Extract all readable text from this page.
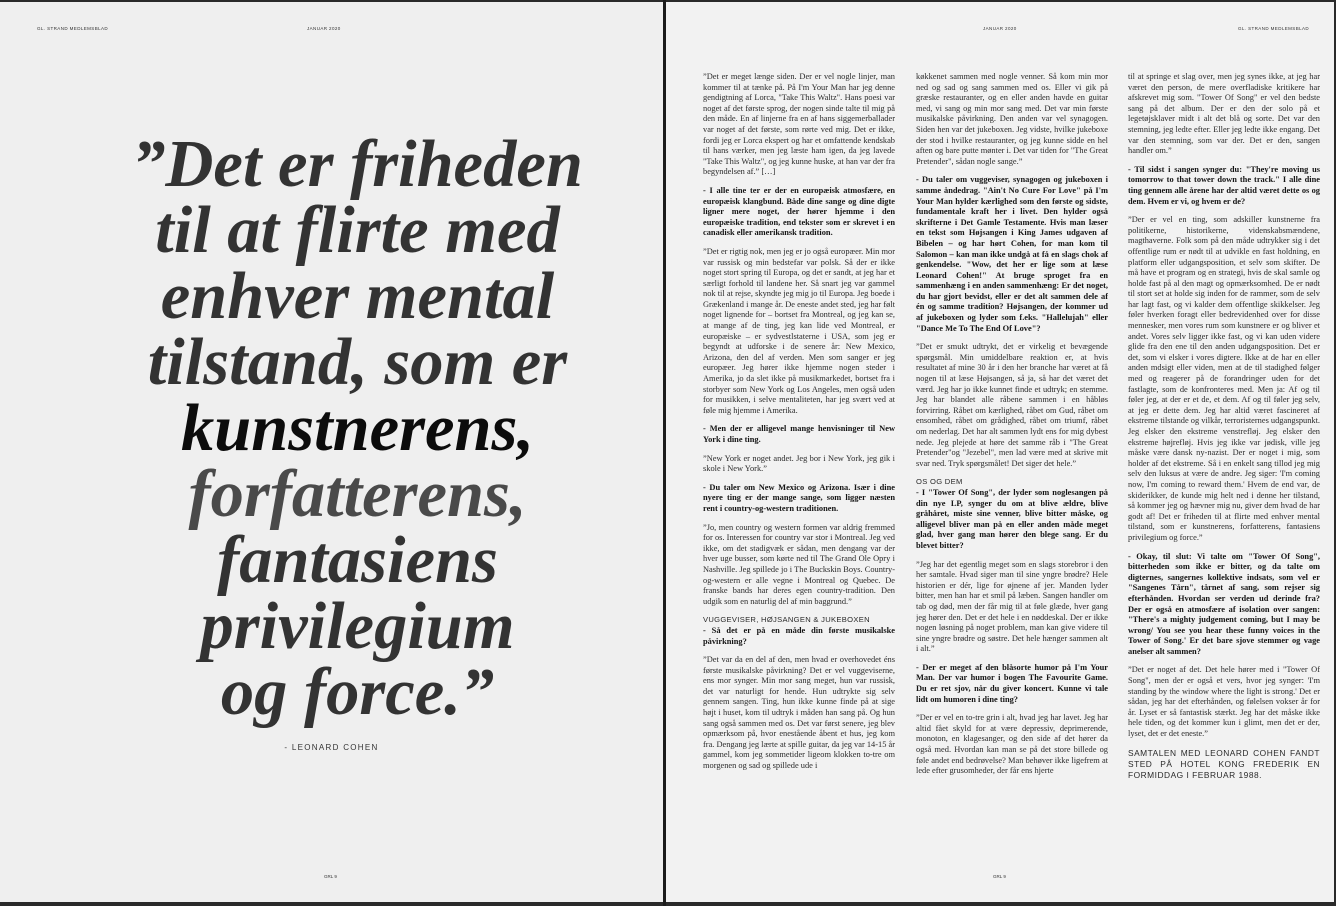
GL. STRAND MEDLEMSBLAD	JANUAR 2020
”Det er friheden
til at flirte med
enhver mental
tilstand, som er
kunstnerens,
forfatterens,
fantasiens
privilegium
og force.”
- LEONARD COHEN
GRL 9
JANUAR 2020	GL. STRAND MEDLEMSBLAD

”Det er meget længe siden. Der er vel nogle linjer, man kommer til at tænke på. På I'm Your Man har jeg denne gendigtning af Lorca, "Take This Waltz". Hans poesi var noget af det første sprog, der nogen sinde talte til mig på den måde. En af linjerne fra en af hans siggemerballader var noget af det første, som rørte ved mig. Det er ikke, fordi jeg er Lorca ekspert og har et omfattende kendskab til hans værker, men jeg læste ham igen, da jeg lavede "Take This Waltz", og jeg kunne huske, at han var der fra begyndelsen af.” […]

- I alle tine ter er der en europæisk atmosfære, en europæisk klangbund. Både dine sange og dine digte ligner mere noget, der hører hjemme i den europæiske tradition, end tekster som er skrevet i en canadisk eller amerikansk tradition.

”Det er rigtig nok, men jeg er jo også europæer. Min mor var russisk og min bedstefar var polsk. Så der er ikke noget stort spring til Europa, og det er sandt, at jeg har et særligt forhold til landene her. Så snart jeg var gammel nok til at rejse, skyndte jeg mig jo til Europa. Jeg boede i Grækenland i mange år. De eneste andet sted, jeg har følt noget lignende for – bortset fra Montreal, og jeg kan se, at mange af de ting, jeg kan lide ved Montreal, er europæiske – er sydvestlstaterne i USA, som jeg er begyndt at udforske i de senere år: New Mexico, Arizona, den del af verden. Men som sanger er jeg europæer. Jeg hører ikke hjemme nogen steder i Amerika, jo da slet ikke på musikmarkedet, bortset fra i storbyer som New York og Los Angeles, men også uden for musikken, i selve mentaliteten, har jeg svært ved at føle mig hjemme i Amerika.

- Men der er alligevel mange henvisninger til New York i dine ting.

”New York er noget andet. Jeg bor i New York, jeg gik i skole i New York.”

- Du taler om New Mexico og Arizona. Især i dine nyere ting er der mange sange, som ligger næsten rent i country-og-western traditionen.

”Jo, men country og western formen var aldrig fremmed for os. Interessen for country var stor i Montreal. Jeg ved ikke, om det stadigvæk er sådan, men dengang var der hver uge busser, som kørte ned til The Grand Ole Opry i Nashville. Jeg spillede jo i The Buckskin Boys. Country-og-western er alle vegne i Montreal og Quebec. De franske bands har deres egen country-tradition. Den udgik som en naturlig del af min baggrund.”

VUGGEVISER, HØJSANGEN & JUKEBOXEN

- Så det er på en måde din første musikalske påvirkning?

”Det var da en del af den, men hvad er overhovedet éns første musikalske påvirkning? Det er vel vuggeviserne, ens mor synger. Min mor sang meget, hun var russisk, det var naturligt for hende. Hun udtrykte sig selv gennem sangen. Ting, hun ikke kunne finde på at sige højt i huset, kom til udtryk i måden han sang på. Og hun sang også sammen med os. Det var først senere, jeg blev opmærksom på, hvor enestående åbent et hus, jeg kom fra. Dengang jeg lærte at spille guitar, da jeg var 14-15 år gammel, kom jeg sommetider ligeom klokken to-tre om morgenen og sad og spillede ude i

køkkenet sammen med nogle venner. Så kom min mor ned og sad og sang sammen med os. Eller vi gik på græske restauranter, og en eller anden havde en guitar med, vi sang og min mor sang med. Det var min første musikalske påvirkning. Den anden var vel synagogen. Siden hen var det jukeboxen. Jeg vidste, hvilke jukeboxe der stod i hvilke restauranter, og jeg kunne sidde en hel aften og bare putte mønter i. Det var tiden for "The Great Pretender", sådan nogle sange.”

- Du taler om vuggeviser, synagogen og jukeboxen i samme åndedrag. "Ain't No Cure For Love" på I'm Your Man hylder kærlighed som den første og sidste, fundamentale kraft her i livet. Den hylder også skrifterne i Det Gamle Testamente. Hvis man læser en tekst som Højsangen i King James udgaven af Bibelen – og har hørt Cohen, for man kom til Salomon – kan man ikke undgå at få en slags chok af genkendelse. "Wow, det her er lige som at læse Leonard Cohen!" At bruge sproget fra en sammenhæng i en anden sammenhæng: Er det noget, du har gjort bevidst, eller er det alt sammen dele af én og samme tradition? Højsangen, der kommer ud af jukeboxen og lyder som f.eks. "Hallelujah" eller "Dance Me To The End Of Love"?

”Det er smukt udtrykt, det er virkelig et bevægende spørgsmål. Min umiddelbare reaktion er, at hvis resultatet af mine 30 år i den her branche har været at få nogen til at læse Højsangen, så ja, så har det været det værd. Jeg har jo ikke kunnet finde et udtryk; en stemme. Jeg har blandet alle råbene sammen i en håbløs forvirring. Råbet om kærlighed, råbet om Gud, råbet om ensomhed, råbet om grådighed, råbet om triumf, råbet om nederlag. Det har alt sammen lydt ens for mig dybest nede. Jeg plejede at høre det samme råb i "The Great Pretender"og "Jezebel", men lad være med at skrive mit svar ned. Tryk spørgsmålet! Det siger det hele.”

OS OG DEM

- I "Tower Of Song", der lyder som noglesangen på din nye LP, synger du om at blive ældre, blive gråhåret, miste sine venner, blive bitter måske, og alligevel bliver man på en eller anden måde meget glad, hver gang man hører den blege sang. Er du blevet bitter?

”Jeg har det egentlig meget som en slags storebror i den her samtale. Hvad siger man til sine yngre brødre? Hele historien er dér, lige for øjnene af jer. Manden lyder bitter, men han har et smil på læben. Sangen handler om tab og død, men der får mig til at føle glæde, hver gang jeg hører den. Det er det hele i en nøddeskal. Der er ikke nogen løsning på noget problem, man kan give videre til sine yngre brødre og søstre. Det hele hænger sammen alt i alt.”

- Der er meget af den blåsorte humor på I'm Your Man. Der var humor i bogen The Favourite Game. Du er ret sjov, når du giver koncert. Kunne vi tale lidt om humoren i dine ting?

”Der er vel en to-tre grin i alt, hvad jeg har lavet. Jeg har altid fået skyld for at være depressiv, deprimerende, monoton, en klagesanger, og den side af det hører da også med. Hvordan kan man se på det store billede og føle andet end bedrøvelse? Man behøver ikke ligefrem at lede efter grusomheder, der får ens hjerte

til at springe et slag over, men jeg synes ikke, at jeg har været den person, de mere overfladiske kritikere har afskrevet mig som. "Tower Of Song" er vel den bedste sang på det album. Der er den der solo på et legetøjsklaver midt i alt det blå og sorte. Det var den stemning, jeg ledte efter. Eller jeg ledte ikke engang. Det var den stemning, som var der. Det er den, sangen handler om.”

- Til sidst i sangen synger du: "They're moving us tomorrow to that tower down the track." I alle dine ting gennem alle årene har der altid været dette os og dem. Hvem er vi, og hvem er de?

”Der er vel en ting, som adskiller kunstnerne fra politikerne, historikerne, videnskabsmændene, magthaverne. Folk som på den måde udtrykker sig i det offentlige rum er nødt til at udvikle en fast holdning, en platform eller udgangsposition, et selv som skifter. De må have et program og en strategi, hvis de skal samle og holde fast på al den magt og opmærksomhed. De er nødt til stort set at holde sig inden for de rammer, som de selv har lagt fast, og vi kalder dem offentlige skikkelser. Jeg føler hverken foragt eller bedrevidenhed over for disse mennesker, men vores rum som kunstnere er og bliver et andet. Vores selv ligger ikke fast, og vi kan uden videre glide fra den ene til den anden udgangsposition. Det er det, som vi elsker i vores digtere. Ikke at de har en eller anden mdsigt eller viden, men at de til stadighed følger med og reagerer på de forandringer uden for det fastlagte, som de konfronteres med. Men ja: Af og til føler jeg, at der er et de, et dem. Af og til føler jeg selv, at jeg er dette dem. Jeg har altid været fascineret af ekstreme tilstande og vilkår, terroristernes udgangspunkt. Jeg elsker den ekstreme venstrefløj. Jeg elsker den ekstreme højrefløj. Hvis jeg ikke var jødisk, ville jeg måske være dansk ny-nazist. Der er noget i mig, som holder af det ekstreme. Så i en enkelt sang tillod jeg mig selv den luksus at være de andre. Jeg siger: 'I'm coming now, I'm coming to reward them.' Hvem de end var, de skiderikker, de kunde mig helt ned i denne her tilstand, så kommer jeg og hævner mig nu, giver dem hvad de har godt af! Det er friheden til at flirte med enhver mental tilstand, som er kunstnerens, forfatterens, fantasiens privilegium og force.”

- Okay, til slut: Vi talte om "Tower Of Song", bitterheden som ikke er bitter, og da talte om digternes, sangernes kollektive indsats, som vel er "Sangenes Tårn", tårnet af sang, som rejser sig efterhånden. Hvordan ser verden ud derinde fra? Der er også en atmosfære af isolation over sangen: "There's a mighty judgement coming, but I may be wrong/ You see you hear these funny voices in the Tower of Song.' Er det bare sjove stemmer og vage anelser alt sammen?

”Det er noget af det. Det hele hører med i "Tower Of Song", men der er også et vers, hvor jeg synger: 'I'm standing by the window where the light is strong.' Det er sådan, jeg har det efterhånden, og følelsen vokser år for år. Lyset er så fantastisk stærkt. Jeg har det måske ikke hele tiden, og det kommer kun i glimt, men det er der, lyset, det er det eneste.”

SAMTALEN MED LEONARD COHEN FANDT STED PÅ HOTEL KONG FREDERIK EN FORMIDDAG I FEBRUAR 1988.

GRL 9
